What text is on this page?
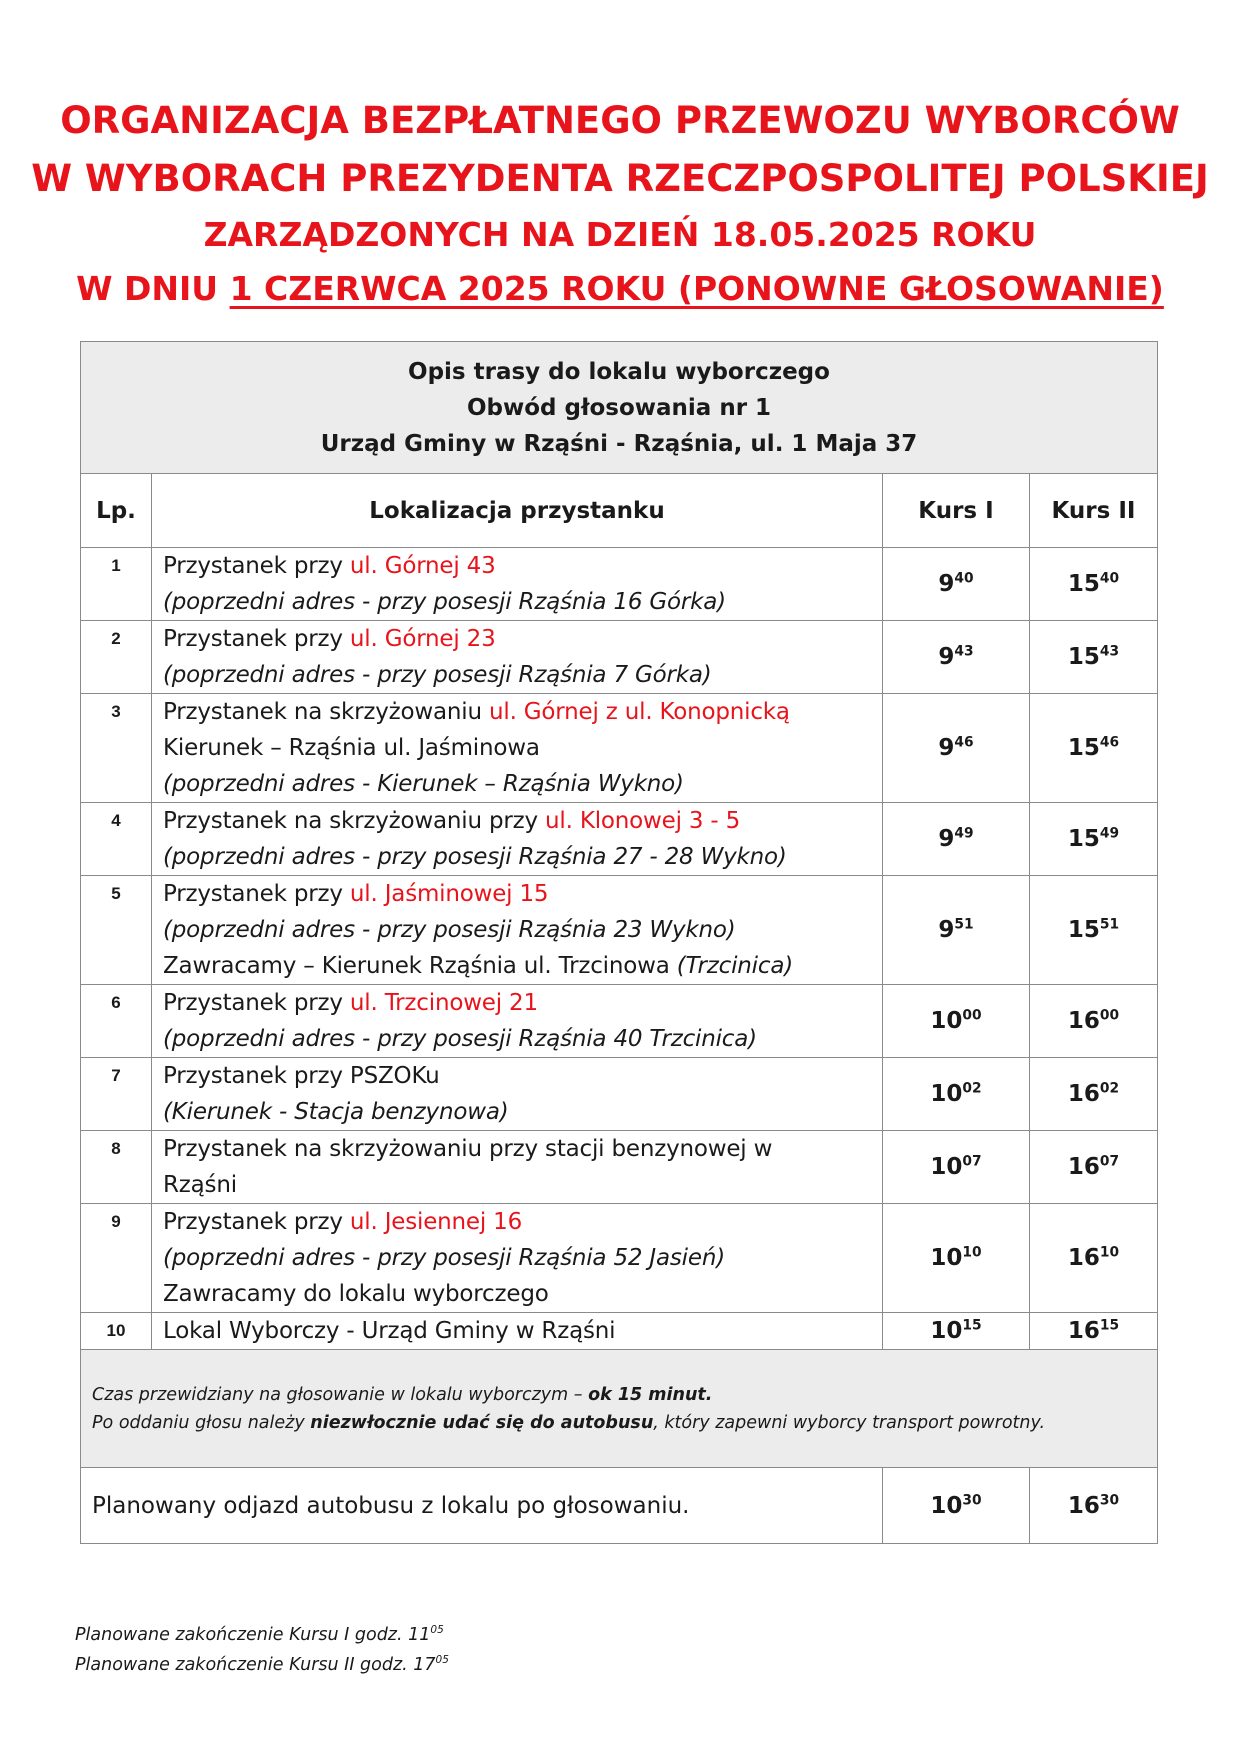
ORGANIZACJA BEZPŁATNEGO PRZEWOZU WYBORCÓW
W WYBORACH PREZYDENTA RZECZPOSPOLITEJ POLSKIEJ
ZARZĄDZONYCH NA DZIEŃ 18.05.2025 ROKU
W DNIU 1 CZERWCA 2025 ROKU (PONOWNE GŁOSOWANIE)
Opis trasy do lokalu wyborczego
Obwód głosowania nr 1
Urząd Gminy w Rząśni - Rząśnia, ul. 1 Maja 37			

Lp.	Lokalizacja przystanku	Kurs I	Kurs II
1	Przystanek przy ul. Górnej 43
(poprzedni adres - przy posesji Rząśnia 16 Górka)	$9^{40}$	$15^{40}$
2	Przystanek przy ul. Górnej 23
(poprzedni adres - przy posesji Rząśnia 7 Górka)	$9^{43}$	$15^{43}$
3	Przystanek na skrzyżowaniu ul. Górnej z ul. Konopnicką
Kierunek – Rząśnia ul. Jaśminowa
(poprzedni adres - Kierunek – Rząśnia Wykno)	$9^{46}$	$15^{46}$
4	Przystanek na skrzyżowaniu przy ul. Klonowej 3 - 5
(poprzedni adres - przy posesji Rząśnia 27 - 28 Wykno)	$9^{49}$	$15^{49}$
5	Przystanek przy ul. Jaśminowej 15
(poprzedni adres - przy posesji Rząśnia 23 Wykno)
Zawracamy – Kierunek Rząśnia ul. Trzcinowa (Trzcinica)	$9^{51}$	$15^{51}$
6	Przystanek przy ul. Trzcinowej 21
(poprzedni adres - przy posesji Rząśnia 40 Trzcinica)	$10^{00}$	$16^{00}$
7	Przystanek przy PSZOKu
(Kierunek - Stacja benzynowa)	$10^{02}$	$16^{02}$
8	Przystanek na skrzyżowaniu przy stacji benzynowej w
Rząśni	$10^{07}$	$16^{07}$
9	Przystanek przy ul. Jesiennej 16
(poprzedni adres - przy posesji Rząśnia 52 Jasień)
Zawracamy do lokalu wyborczego	$10^{10}$	$16^{10}$
10	Lokal Wyborczy - Urząd Gminy w Rząśni	$10^{15}$	$16^{15}$

Czas przewidziany na głosowanie w lokalu wyborczym – ok 15 minut.
Po oddaniu głosu należy niezwłocznie udać się do autobusu, który zapewni wyborcy transport powrotny.			

Planowany odjazd autobusu z lokalu po głosowaniu.		$10^{30}$	$16^{30}$
Planowane zakończenie Kursu I godz. $11^{05}$
Planowane zakończenie Kursu II godz. $17^{05}$
